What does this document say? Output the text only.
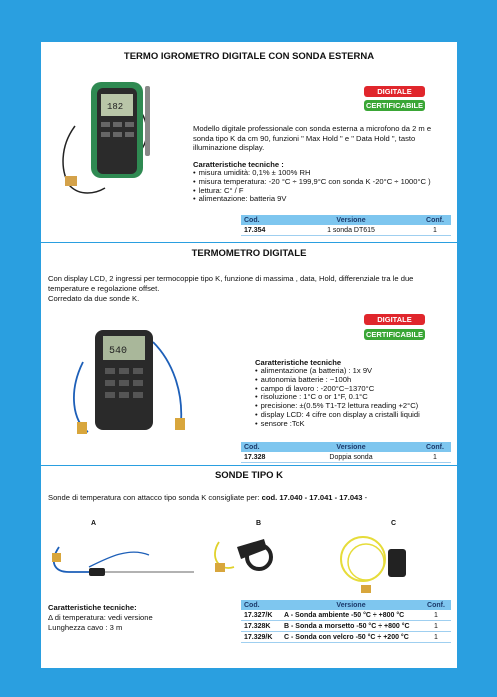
TERMO IGROMETRO DIGITALE CON SONDA ESTERNA
182
DIGITALE
CERTIFICABILE
Modello digitale professionale con sonda esterna a microfono da 2 m e sonda tipo K da cm 90, funzioni " Max Hold " e " Data Hold ", tasto illuminazione display.
Caratteristiche tecniche :
• misura umidità: 0,1% ± 100% RH
• misura temperatura: -20 °C ÷ 199,9°C con sonda K -20°C ÷ 1000°C )
• lettura: C° / F
• alimentazione: batteria 9V
Cod.	Versione	Conf.
17.354	1 sonda DT615	1
TERMOMETRO DIGITALE
Con display LCD, 2 ingressi per termocoppie tipo K, funzione di massima , data, Hold, differenziale tra le due temperature e regolazione offset.
Corredato da due sonde K.
540
DIGITALE
CERTIFICABILE
Caratteristiche tecniche
• alimentazione (a batteria) : 1x 9V
• autonomia batterie : ~100h
• campo di lavoro : -200°C~1370°C
• risoluzione : 1°C o or 1°F, 0.1°C
• precisione: ±(0.5% T1-T2 lettura reading +2°C)
• display LCD: 4 cifre con display a cristalli liquidi
• sensore :TcK
Cod.	Versione	Conf.
17.328	Doppia sonda	1
SONDE TIPO K
Sonde di temperatura con attacco tipo sonda K consigliate per: cod. 17.040 - 17.041 - 17.043 -
A	B	C
Caratteristiche tecniche:
Δ di temperatura: vedi versione
Lunghezza cavo : 3 m
Cod.	Versione	Conf.
17.327/K	A - Sonda ambiente -50 °C ÷ +800 °C	1
17.328K	B - Sonda a morsetto -50 °C ÷ +800 °C	1
17.329/K	C - Sonda con velcro -50 °C ÷ +200 °C	1
18
